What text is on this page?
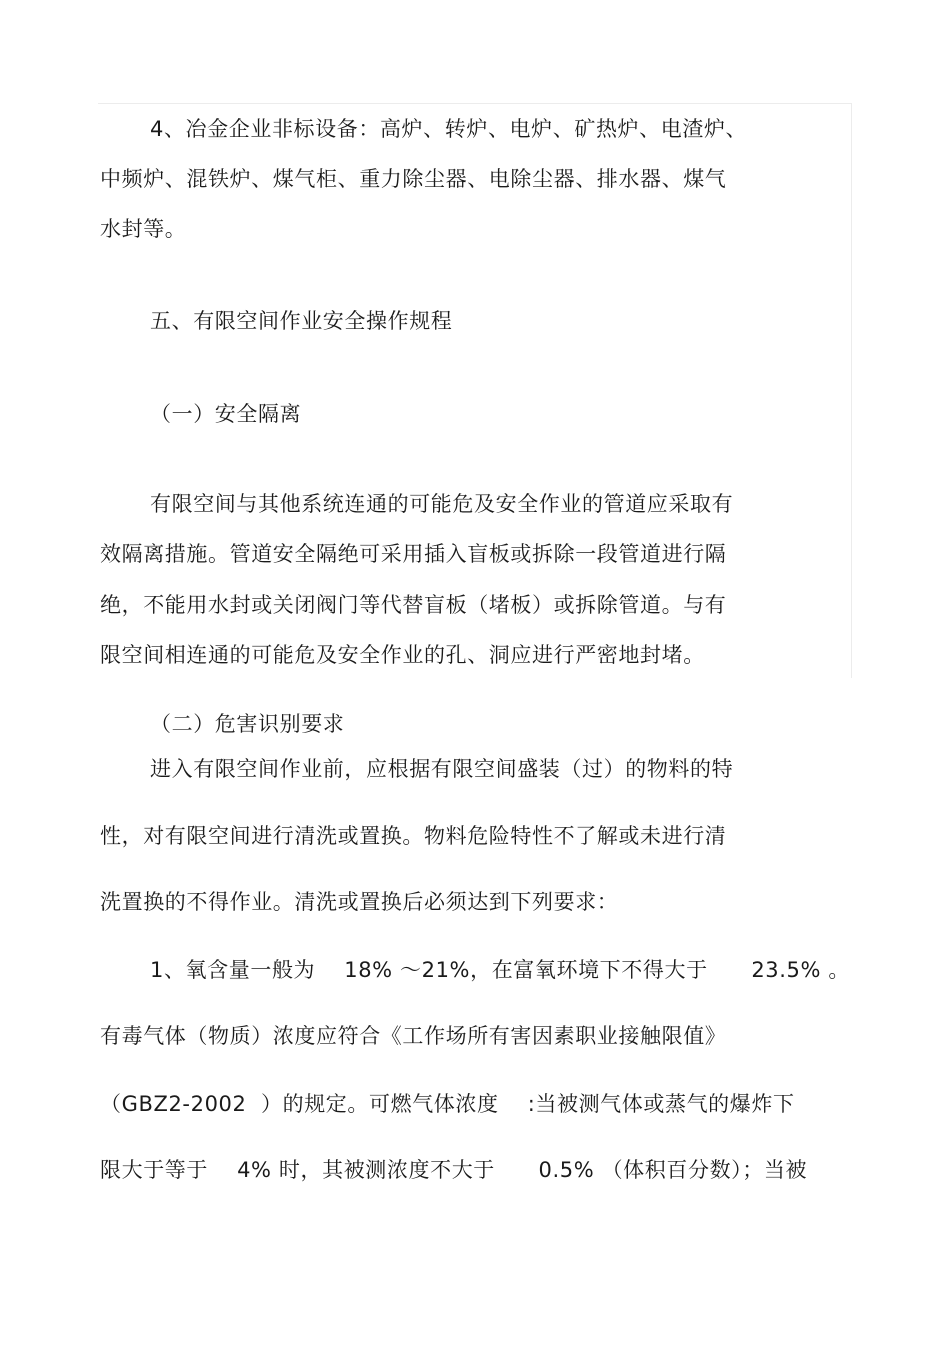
4、冶金企业非标设备：高炉、转炉、电炉、矿热炉、电渣炉、
中频炉、混铁炉、煤气柜、重力除尘器、电除尘器、排水器、煤气
水封等。
五、有限空间作业安全操作规程
（一）安全隔离
有限空间与其他系统连通的可能危及安全作业的管道应采取有
效隔离措施。管道安全隔绝可采用插入盲板或拆除一段管道进行隔
绝，不能用水封或关闭阀门等代替盲板（堵板）或拆除管道。与有
限空间相连通的可能危及安全作业的孔、洞应进行严密地封堵。
（二）危害识别要求
进入有限空间作业前，应根据有限空间盛装（过）的物料的特
性，对有限空间进行清洗或置换。物料危险特性不了解或未进行清
洗置换的不得作业。清洗或置换后必须达到下列要求：
1、氧含量一般为    18% ～21%，在富氧环境下不得大于      23.5% 。
有毒气体（物质）浓度应符合《工作场所有害因素职业接触限值》
（GBZ2-2002  ）的规定。可燃气体浓度    :当被测气体或蒸气的爆炸下
限大于等于    4% 时，其被测浓度不大于      0.5% （体积百分数）；当被
